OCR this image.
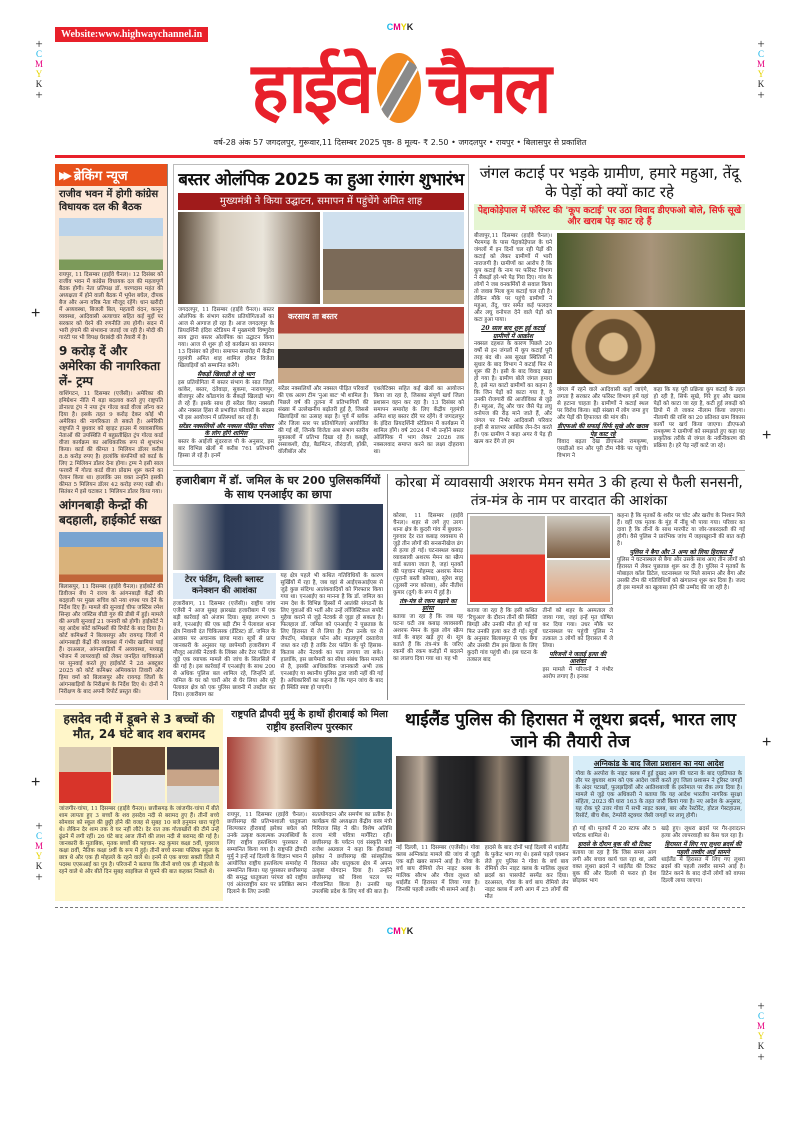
CMYK
+
C
M
Y
K
+
+
C
M
Y
K
+
+
C
M
Y
K
+
+
C
M
Y
K
+
+
+
+
+
Website:www.highwaychannel.in
हाईवे चैनल
वर्ष-28 अंक 57 जगदलपुर, गुरूवार,11 दिसम्बर 2025 पृष्ठ- 8 मूल्य- ₹ 2.50 • जगदलपुर • रायपुर • बिलासपुर से प्रकाशित
▶▶ ब्रेकिंग न्यूज
राजीव भवन में होगी कांग्रेस विधायक दल की बैठक
रायपुर, 11 दिसम्बर (हाईवे चैनल)। 12 दिसंबर को राजीव भवन में कांग्रेस विधायक दल की महत्वपूर्ण बैठक होगी। नेता प्रतिपक्ष डॉ. चरणदास महंत की अध्यक्षता में होने वाली बैठक में भूपेश बघेल, दीपक बैज और अन्य वरिष्ठ नेता मौजूद रहेंगे। धान खरीदी में अव्यवस्था, बिजली बिल, महतारी वंदन, कानून व्यवस्था, आदिवासी अत्याचार सहित कई मुद्दों पर सरकार को घेरने की रणनीति तय होगी। सदन में भारी हंगामे की संभावना जताई जा रही है। मोदी की गारंटी पर भी विपक्ष घेराबंदी की तैयारी में है।
9 करोड़ दें और अमेरिका की नागरिकता लें- ट्रम्प
वाशिंगटन, 11 दिसम्बर (एजेंसी)। अमेरिका की इमिग्रेशन नीति में बड़ा बदलाव करते हुए राष्ट्रपति डोनाल्ड ट्रंप ने नया ट्रंप गोल्ड कार्ड वीजा लॉन्च कर दिया है। इसके तहत 9 करोड़ देकर कोई भी अमेरिका की नागरिकता ले सकते है। अमेरिकी राष्ट्रपति ने बुधवार को व्हाइट हाउस में व्यावसायिक नेताओं की उपस्थिति में बहुप्रतीक्षित ट्रंप गोल्ड कार्ड वीजा कार्यक्रम का आधिकारिक रूप से शुभारंभ किया। कार्ड की कीमत 1 मिलियन डॉलर करीब 8.8 करोड़ रुपए है। हालांकि कंपनियों को कार्ड के लिए 2 मिलियन डॉलर देना होगा। ट्रम्प ने इसी साल फरवरी में गोल्ड कार्ड वीजा प्रोग्राम शुरू करने का ऐलान किया था। हालांकि उस वक्त उन्होंने इसकी कीमत 5 मिलियन डॉलर 42 करोड़ रुपए रखी थी। सितंबर में इसे घटाकर 1 मिलियन डॉलर किया गया।
आंगनबाड़ी केन्द्रों की बदहाली, हाईकोर्ट सख्त
बिलासपुर, 11 दिसम्बर (हाईवे चैनल)। हाईकोर्ट की डिवीजन बेंच ने राज्य के आंगनबाड़ी केंद्रों की बदहाली पर मुख्य सचिव को नया शपथ पत्र देने के निर्देश दिए हैं। मामले की सुनवाई चीफ जस्टिस रमेश सिन्हा और जस्टिस बीडी गुरु की डीबी में हुई। मामले की अगली सुनवाई 21 जनवरी को होगी। हाईकोर्ट ने यह आदेश कोर्ट कमिश्नरों की रिपोर्ट के बाद दिया है। कोर्ट कमिश्नरों ने बिलासपुर और रायगढ़ जिलों में आंगनबाड़ी केंद्रों की व्यवस्था में गंभीर खामियां पाई हैं। दरअसल, आंगनबाड़ियों में अव्यवस्था, मध्याह्न भोजन में लापरवाही को लेकर जनहित याचिकाओं पर सुनवाई करते हुए हाईकोर्ट ने 28 अक्टूबर 2025 को कोर्ट कमिश्नर अमियकांत तिवारी और हिमा वर्मा को बिलासपुर और रायगढ़ जिलों के आंगनबाड़ियों के निरीक्षण के निर्देश दिए थे। दोनों ने निरीक्षण के बाद अपनी रिपोर्ट प्रस्तुत की।
बस्तर ओलंपिक 2025 का हुआ रंगारंग शुभारंभ
मुख्यमंत्री ने किया उद्घाटन, समापन में पहुंचेंगे अमित शाह
जगदलपुर, 11 दिसम्बर (हाईवे चैनल)। बस्तर ओलंपिक के संभाग स्तरीय प्रतियोगिताओं का आज से आगाज हो रहा है। आज जगदलपुर के प्रियदर्शिनी इंदिरा स्टेडियम में मुख्यमंत्री विष्णुदेव साय द्वारा बस्तर ओलंपिक का उद्घाटन किया गया। आज से शुरू हो रहे कार्यक्रम का समापन 13 दिसंबर को होगा। समापन समारोह में केंद्रीय गृहमंत्री अमित शाह शामिल होकर विजेता खिलाड़ियों को सम्मानित करेंगे।
सैकड़ों खिलाड़ी ले रहे भाग
इस प्रतियोगिता में बस्तर संभाग के सात जिलों कांकेर, बस्तर, दंतेवाड़ा, सुकमा, नारायणपुर, बीजापुर और कोंडागांव के सैकड़ों खिलाड़ी भाग ले रहे हैं। इसके साथ ही सरेंडर किए नक्सली और नक्सल हिंसा से प्रभावित परिवारों के सदस्य भी इस आयोजन में प्रतिस्पर्धा कर रहे हैं।
सरेंडर नक्सलियों और नक्सल पीड़ित परिवार के लोग होंगे शामिल
बस्तर के आईजी सुंदरराज पी के अनुसार, इस बार विभिन्न खेलों में करीब 761 प्रतिभागी हिस्सा ले रहे हैं। इनमें
करसाय ता बस्तर
सरेंडर नक्सलियों और नक्सल पीड़ित परिवारों की एक अलग टीम 'नुआ बाट' भी शामिल है। पिछले वर्ष की तुलना में प्रतिभागियों की संख्या में उल्लेखनीय बढ़ोतरी हुई है, जिससे खिलाड़ियों का उत्साह बढ़ा है। पूर्व में ब्लॉक और जिला स्तर पर प्रतियोगिताएं आयोजित की गई थीं, जिनके विजेता अब संभाग स्तरीय मुकाबलों में प्रतिभा दिखा रहे हैं। कबड्डी, रस्साकशी, दौड़, बैडमिंटन, तीरंदाजी, हॉकी, वॉलीबॉल और
एथलेटिक्स सहित कई खेलों का आयोजन किया जा रहा है, जिसका संपूर्ण खर्च जिला प्रशासन वहन कर रहा है। 13 दिसंबर को समापन समारोह के लिए केंद्रीय गृहमंत्री अमित शाह बस्तर दौरे पर रहेंगे। वे जगदलपुर के इंदिरा प्रियदर्शिनी स्टेडियम में कार्यक्रम में शामिल होंगे। वर्ष 2024 में भी उन्होंने बस्तर ओलिंपिक में भाग लेकर 2026 तक नक्सलवाद समाप्त करने का लक्ष्य दोहराया था।
जंगल कटाई पर भड़के ग्रामीण, हमारे महुआ, तेंदू के पेड़ों को क्यों काट रहे
पेद्दाकोड़ेपाल में फॉरेस्ट की 'कूप कटाई' पर उठा विवाद डीएफओ बोले, सिर्फ सूखे और खराब पेड़ काट रहे हैं
बीजापुर,11 दिसम्बर (हाईवे चैनल)। भैरमगढ़ के पास पेद्दाकोड़ेपाल के घने जंगलों में इन दिनों चल रही पेड़ों की कटाई को लेकर ग्रामीणों में भारी नाराजगी है। ग्रामीणों का आरोप है कि कूप कटाई के नाम पर फॉरेस्ट विभाग ने सैकड़ों हरे-भरे पेड़ गिरा दिए। गांव के लोगों ने जब वनकर्मियों से सवाल किया तो जवाब मिला कूप कटाई चल रही है। लेकिन मौके पर पहुंचे ग्रामीणों ने महुआ, तेंदू, चार समेत कई फलदार और लघु वनोपज देने वाले पेड़ों को कटा हुआ पाया।
20 साल बाद शुरू हुई कटाई ग्रामीणों में आक्रोश
नक्सल दहशत के कारण पिछले 20 वर्षों से इन जंगलों में कूप कटाई पूरी तरह बंद थी। अब सुरक्षा स्थितियों में सुधार के बाद विभाग ने कटाई फिर से शुरू की है। इसी के बाद विवाद खड़ा हो गया है। ग्रामीण बोले जंगल हमारा है, इसे मत काटो ग्रामीणों का कहना है कि जिन पेड़ों को काटा गया है, वे उनकी रोजगारी की आजीविका से जुड़े हैं। महुआ, तेंदू और चार जैसे पेड़ लघु वनोपज की रीढ़ माने जाते हैं, और जंगल पर निर्भर आदिवासी परिवार इन्हीं से सालभर आर्थिक लेन-देन करते हैं। एक ग्रामीण ने कहा अगर ये पेड़ ही खत्म कर देंगे तो हम
जंगल में रहने वाले आदिवासी कहाँ जाएंगे, लगता है सरकार और फॉरेस्ट विभाग हमें यहां से हटाना चाहता है। ग्रामीणों ने कटाई स्थल पर विरोध किया। बड़ी संख्या में लोग जमा हुए और पेड़ों की हिफाजत की मांग की।
डीएफओ की सफाई सिर्फ सूखे और खराब पेड़ काट रहे
विवाद बढ़ता देख डीएफओ रामकृष्ण, एसडीओ वन और पूरी टीम मौके पर पहुंची। विभाग ने
कहा कि यह पूरी प्रक्रिया कूप कटाई के तहत हो रही है, सिर्फ सूखे, गिरे हुए और खराब पेड़ों को काटा जा रहा है, कटी हुई लकड़ी को डिपो में ले जाकर नीलाम किया जाएगा। नीलामी की राशि का 20 प्रतिशत ग्राम विकास कार्यों पर खर्च किया जाएगा। डीएफओ रामकृष्ण ने ग्रामीणों को समझाते हुए कहा यह प्राकृतिक तरीके से जंगल के नवीनीकरण की प्रक्रिया है। हरे पेड़ नहीं काटे जा रहे।
हजारीबाग में डॉ. जमिल के घर 200 पुलिसकर्मियों के साथ एनआईए का छापा
टेरर फंडिंग, दिल्ली ब्लास्ट कनेक्शन की आशंका
हजारीबाग, 11 दिसम्बर (एजेंसी)। राष्ट्रीय जांच एजेंसी ने आज सुबह झारखंड हजारीबाग में एक बड़ी कार्रवाई को अंजाम दिया। सुबह लगभग 5 बजे, एनआईए की एक बड़ी टीम ने पेलावल थाना क्षेत्र निवासी दंत चिकित्सक (डेंटिस्ट) डॉ. जमिल के आवास पर अचानक छापा मारा। सूत्रों से प्राप्त जानकारी के अनुसार यह छापेमारी हजारीबाग में मौजूद आतंकी नेटवर्क के लिंक्स और टेरर फंडिंग से जुड़े एक व्यापक मामले की जांच के सिलसिले में की गई है। इस कार्रवाई में एनआईए के साथ 200 से अधिक पुलिस बल शामिल रहे, जिन्होंने डॉ. जमिल के घर को चारों ओर से घेर लिया और पूरे पेलावल क्षेत्र को एक पुलिस छावनी में तब्दील कर दिया। हजारीबाग का
यह क्षेत्र पहले भी कथित गतिविधियों के कारण सुर्खियों में रहा है, जब वहां से आईएसआईएस से जुड़े कुछ संदिग्ध आतंकवादियों को गिरफ्तार किया गया था। एनआईए का मानना है कि डॉ. जमिल का नाम देश के विभिन्न हिस्सों में आतंकी संगठनों के लिए युवाओं की भर्ती और उन्हें लॉजिस्टिकल सपोर्ट मुहैया कराने से जुड़े नेटवर्क से जुड़ा हो सकता है। फिलहाल डॉ. जमिल को एनआईए ने पूछताछ के लिए हिरासत में ले लिया है। टीम उनके घर से लैपटॉप, मोबाइल फोन और महत्वपूर्ण दस्तावेज जब्त कर रही है ताकि टेरर फंडिंग के पूरे हिसाब-किताब और नेटवर्क का पता लगाया जा सके। हालांकि, इस छापेमारी का सीधा संबंध किस मामले से है, इसकी आधिकारिक जानकारी अभी तक एनआईए या स्थानीय पुलिस द्वारा जारी नहीं की गई है। अधिकारियों का कहना है कि गहन जांच के बाद ही स्थिति स्पष्ट हो पाएगी।
कोरबा में व्यावसायी अशरफ मेमन समेत 3 की हत्या से फैली सनसनी, तंत्र-मंत्र के नाम पर वारदात की आशंका
कोरबा, 11 दिसम्बर (हाईवे चैनल)। शहर से लगे हुए उरगा थाना क्षेत्र के कुदरी गांव में बुधवार-गुरुवार देर रात कबाड़ व्यवसाय से जुड़े तीन लोगों की सनसनीखेज ढंग से हत्या हो गई। घटनास्थल कबाड़ व्यावसायी अशरफ मेमन का स्क्रैप यार्ड बताया जाता है, जहां मृतकों की पहचान मोहम्मद अशरफ मेमन (पुरानी बस्ती कोरबा), सुरेश साहू (तुलसी नगर कोरबा), और नीतीश कुमार (दुर्ग) के रूप में हुई है।
तंत्र-मंत्र से रकम बढ़ाने का झांसा
बताया जा रहा है कि जब यह घटना घटी तब कबाड़ व्यावसायी अशरफ मेमन के कुछ लोग स्क्रैप यार्ड के बाहर खड़े हुए थे। सूत्र बताते हैं कि तंत्र-मंत्र के जरिए रकमों की रकम करोड़ों में बदलने का लालच दिया गया था। यह भी
बताया जा रहा है कि इसी कथित 'रिचुअल' के दौरान तीनों की स्थिति बिगड़ी और उनकी मौत हो गई या फिर उनकी हत्या कर दी गई। सूत्रों के अनुसार बिलासपुर से एक बैगा और उसकी टीम इस क्रिया के लिए कुदरी गांव पहुंची थी। इस घटना के तत्काल बाद
तीनों को शहर के अस्पताल ले जाया गया, जहां इन्हें मृत घोषित कर दिया गया। उधर मौके पर घटनास्थल पर पहुंची पुलिस ने तत्काल 3 लोगों को हिरासत में ले लिया।
परिजनों ने जताई हत्या की आशंका
इस मामले में परिजनों ने गंभीर आरोप लगाए हैं। इनका
कहना है कि मृतकों के शरीर पर चोट और खरोंच के निशान मिले हैं। वहीं एक मृतक के मुंह में नींबू भी पाया गया। परिवार का दावा है कि तीनों के साथ मारपीट या जोर-जबरदस्ती की गई होगी। वैसे पुलिस ने प्रारंभिक जांच में जहरखुरानी की बात कही है।
पुलिस ने बैगा और 3 अन्य को लिया हिरासत में
पुलिस ने घटनास्थल से बैगा और उसके साथ आए तीन लोगों को हिरासत में लेकर पूछताछ शुरू कर दी है। पुलिस ने मृतकों के मोबाइल कॉल डिटेल, घटनास्थल पर मिले सामान और बैगा और उसकी टीम की गतिविधियों को खंगालना शुरू कर दिया है। जल्द ही इस मामले का खुलासा होने की उम्मीद की जा रही है।
हसदेव नदी में डूबने से 3 बच्चों की मौत, 24 घंटे बाद शव बरामद
जांजगीर-चांपा, 11 दिसम्बर (हाईवे चैनल)। छत्तीसगढ़ के जांजगीर-चांपा में बीते शाम लापता हुए 3 बच्चों के शव हसदेव नदी से बरामद हुए हैं। तीनों बच्चे सोमवार को स्कूल की छुट्टी होने की वजह से सुबह 10 बजे हनुमान धारा पहुंचे थे। लेकिन देर शाम तक वे घर नहीं लौटे। देर रात तक गोताखोरों की टीमें उन्हें ढूंढने में लगी रहीं। 26 घंटे बाद आज तीनों की लाश नदी से बरामद की गई है। जानकारी के मुताबिक, मृतक बच्चों की पहचान- रुद्र कुमार कक्षा 5वीं, युवराज कक्षा 8वीं, नैतिक कक्षा 9वीं के रूप में हुई। तीनों बच्चे सनबा पब्लिक स्कूल के छात्र थे और एक ही मोहल्ले के रहने वाले थे। इनमें से एक बच्चा सक्ती जिले में पदस्थ एएसआई का पुत्र है। परिजनों ने बताया कि तीनों बच्चे एक ही मोहल्ले के रहने वाले थे और बीते दिन सुबह साइकिल से घूमने की बात कहकर निकले थे।
राष्ट्रपति द्रौपदी मुर्मु के हाथों हीराबाई को मिला राष्ट्रीय हस्तशिल्प पुरस्कार
रायपुर, 11 दिसम्बर (हाईवे चैनल)। छत्तीसगढ़ की प्रतिभाशाली धातुकला शिल्पकार हीराबाई झरेका बघेल को उनके उत्कृष्ट कलात्मक उपलब्धियों के लिए राष्ट्रीय हस्तशिल्प पुरस्कार से सम्मानित किया गया है। राष्ट्रपति द्रौपदी मुर्मु ने इन्हें नई दिल्ली के विज्ञान भवन में आयोजित राष्ट्रीय हस्तशिल्प समारोह में सम्मानित किया। यह पुरस्कार छत्तीसगढ़ की समृद्ध धातुकला परंपरा को राष्ट्रीय एवं अंतरराष्ट्रीय स्तर पर प्रतिष्ठित स्थान दिलाने के लिए उनकी
सतत्योगदान और समर्पण का प्रतीक है। कार्यक्रम की अध्यक्षता केंद्रीय वस्त्र मंत्री गिरिराज सिंह ने की। विशेष अतिथि राज्य मंत्री पवित्रा मार्गेरिटा रहीं। छत्तीसगढ़ के पर्यटन एवं संस्कृति मंत्री राजेश अग्रवाल ने कहा कि हीराबाई झरेका ने छत्तीसगढ़ की सांस्कृतिक विरासत और धातुकला क्षेत्र में अपना उत्कृष्ट योगदान दिया है। उन्होंने छत्तीसगढ़ को विश्व पटल पर गौरवान्वित किया है। उनकी यह उपलब्धि प्रदेश के लिए गर्व की बात है।
थाईलैंड पुलिस की हिरासत में लूथरा ब्रदर्स, भारत लाए जाने की तैयारी तेज
नई दिल्ली, 11 दिसम्बर (एजेंसी)। गोवा क्लब अग्निकांड मामले की जांच से जुड़ी एक बड़ी खबर सामने आई है। गोवा के बर्च बाय रोमियो लेन नाइट क्लब के मालिक सौरभ और गौरव लूथरा को थाईलैंड में हिरासत में लिया गया है। जिनकी पहली तस्वीर भी सामने आई है।
हादसे के बाद दोनों भाई दिल्ली से थाईलैंड के फुकेट भाग गए थे। इससे पहले एक्शन लेते हुए पुलिस ने गोवा के बर्च बाय रोमियो लेन नाइट क्लब के मालिक लूथरा ब्रदर्स का पासपोर्ट सस्पेंड कर दिया। दरअसल, गोवा के बर्च बाय रोमियो लेन नाइट क्लब में लगी आग में 25 लोगों की मौत
अग्निकांड के बाद जिला प्रशासन का नया आदेश
गोवा के अरपोरा के नाइट क्लब में हुई दुखद आग की घटना के बाद एहतियात के तौर पर बुधवार शाम को एक आदेश जारी करते हुए जिला प्रशासन ने टूरिस्ट जगहों के अंदर पटाखों, फुलझड़ियों और आतिशबाजी के इस्तेमाल पर रोक लगा दिया है। मामले से जुड़े एक अधिकारी ने बताया कि यह आदेश भारतीय नागरिक सुरक्षा संहिता, 2023 की धारा 163 के तहत जारी किया गया है। नए आदेश के अनुसार, यह रोक पूरे उत्तर गोवा में सभी नाइट क्लब, बार और रेस्टोरेंट, होटल गेस्टहाउस, रिसॉर्ट, बीच शैक, टेम्परेरी स्ट्रक्चर जैसी जगहों पर लागू होगी।
हो गई थी। मृतकों में 20 स्टाफ और 5 पर्यटक शामिल थे।
हादसे के दौरान बुक की थी टिकट
बताया जा रहा है कि जिस समय आग लगी और बचाव कार्य चल रहा था, उसी वक्त लूथरा ब्रदर्स ने थाईलैंड की टिकट बुक की और दिल्ली से फरार हो देश छोड़कर भाग
खड़े हुए। लूथरा ब्रदर्स पर गैर-इरादतन हत्या और लापरवाही का केस चल रहा है।
हिरासत में लिए गए लूथरा ब्रदर्स की पहली तस्वीर आई सामने
थाईलैंड में हिरासत में लिए गए लूथरा ब्रदर्स की पहली तस्वीर सामने आई है। डिटेन करने के बाद दोनों लोगों को वापस दिल्ली लाया जाएगा।
CMYK
